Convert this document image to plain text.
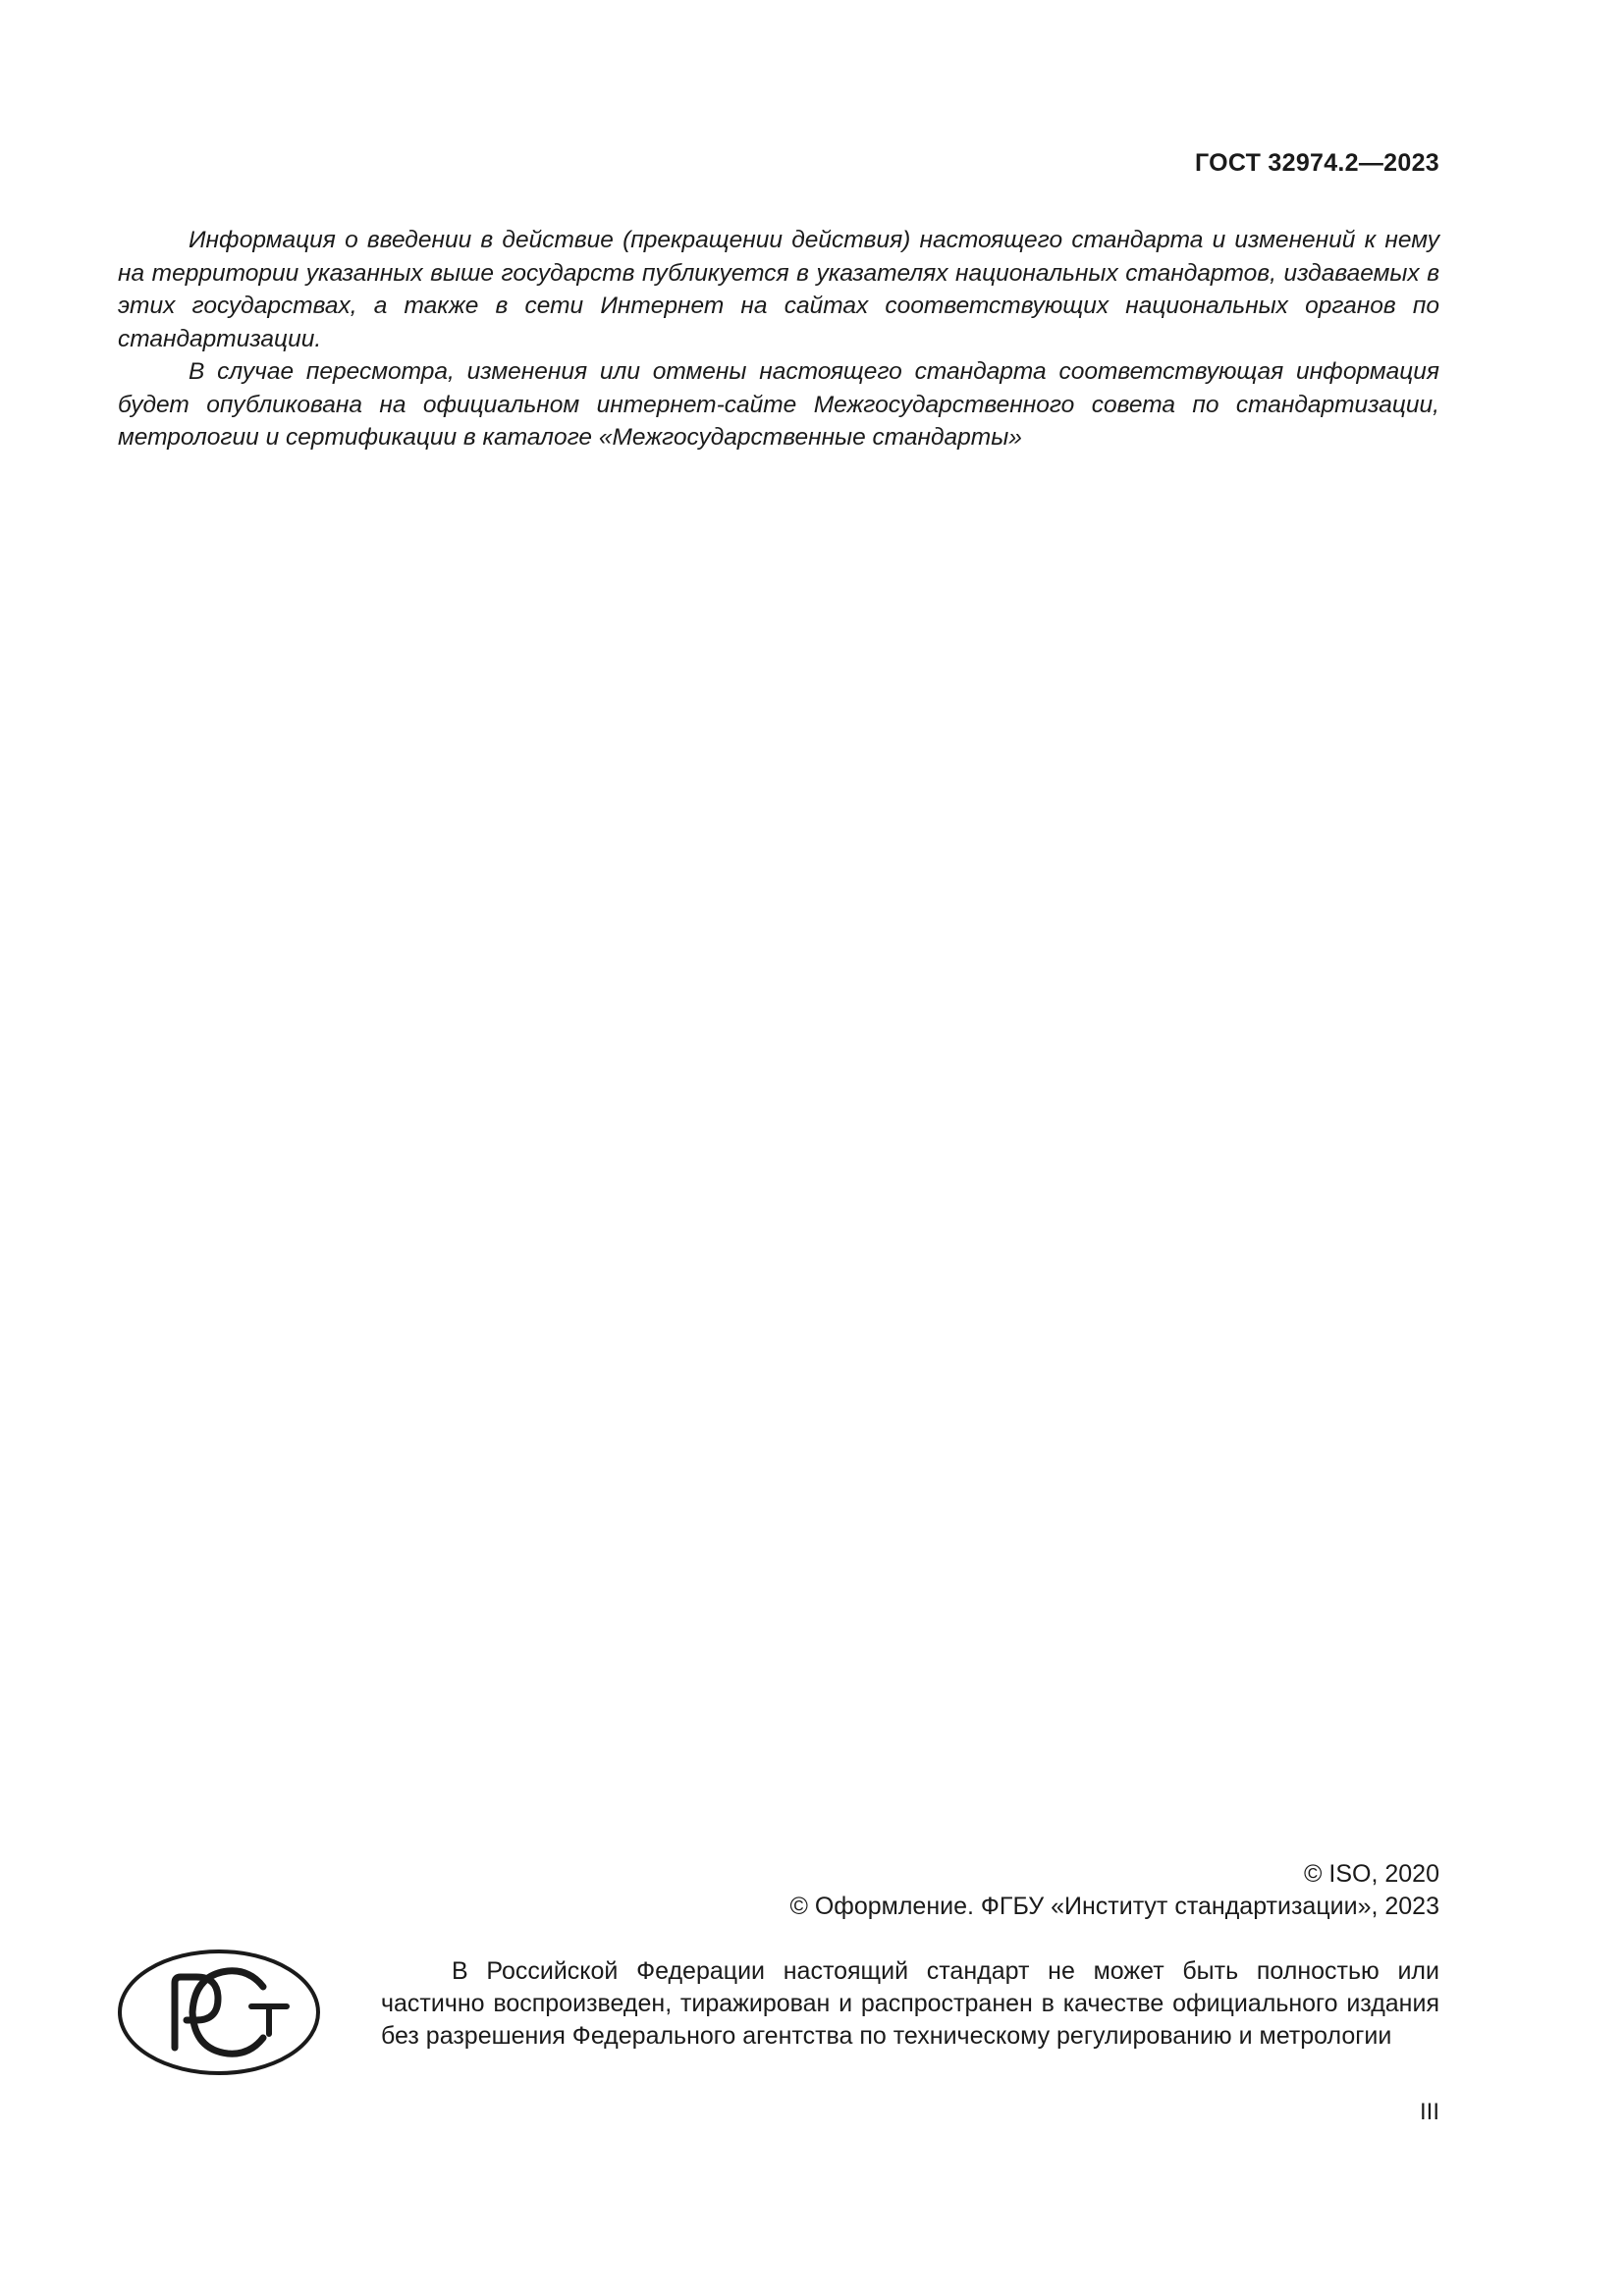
ГОСТ 32974.2—2023

Информация о введении в действие (прекращении действия) настоящего стандарта и изменений к нему на территории указанных выше государств публикуется в указателях национальных стандартов, издаваемых в этих государствах, а также в сети Интернет на сайтах соответствующих национальных органов по стандартизации.

В случае пересмотра, изменения или отмены настоящего стандарта соответствующая информация будет опубликована на официальном интернет-сайте Межгосударственного совета по стандартизации, метрологии и сертификации в каталоге «Межгосударственные стандарты»

© ISO, 2020
© Оформление. ФГБУ «Институт стандартизации», 2023

В Российской Федерации настоящий стандарт не может быть полностью или частично воспроизведен, тиражирован и распространен в качестве официального издания без разрешения Федерального агентства по техническому регулированию и метрологии

III
